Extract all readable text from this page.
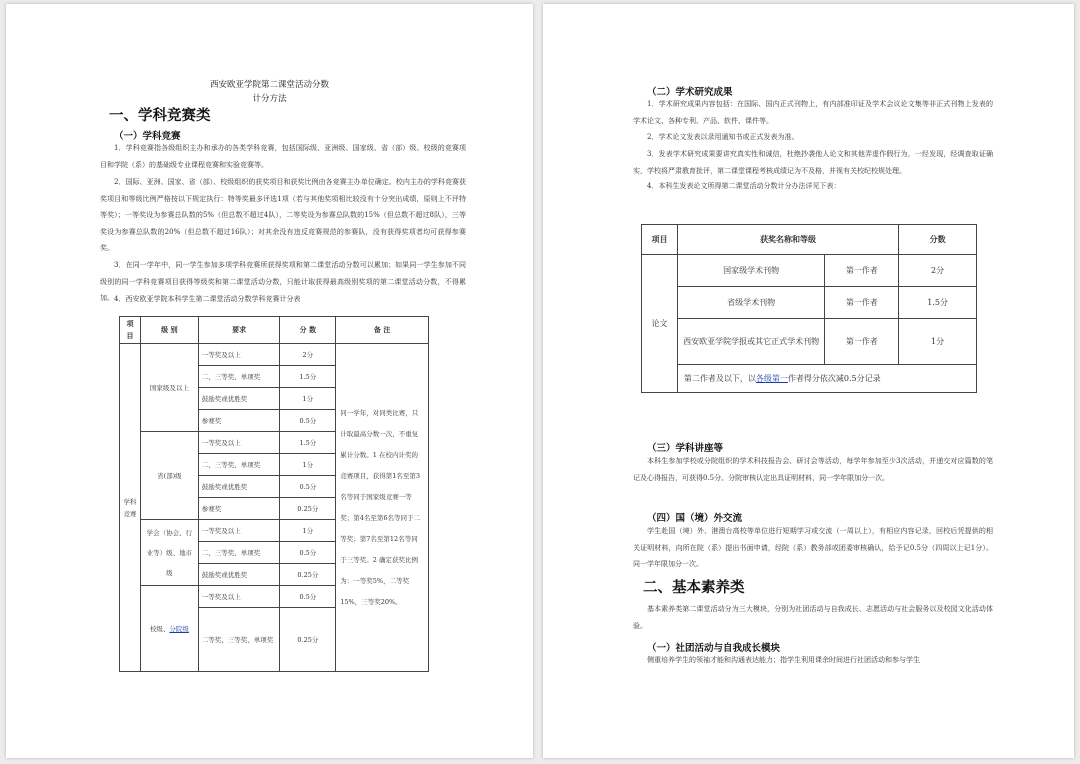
西安欧亚学院第二课堂活动分数
计分方法
一、学科竞赛类
（一）学科竞赛
1．学科竞赛指各级组织主办和承办的各类学科竞赛，包括国际级、亚洲级、国家级、省（部）级、校级的竞赛项目和学院（系）的基础级专业课程竞赛和实验竞赛等。
2．国际、亚洲、国家、省（部）、校级组织的获奖项目和获奖比例由各竞赛主办单位确定。校内主办的学科竞赛获奖项目和等级比例严格按以下规定执行：特等奖最多评选1项（若与其他奖项相比较没有十分突出成绩，原则上不评特等奖）；一等奖设为参赛总队数的5%（但总数不超过4队），二等奖设为参赛总队数的15%（但总数不超过8队），三等奖设为参赛总队数的20%（但总数不超过16队）；对其余没有违反竞赛规范的参赛队，没有获得奖项者均可获得参赛奖。
3．在同一学年中，同一学生参加多项学科竞赛所获得奖项和第二课堂活动分数可以累加；如果同一学生参加不同级别的同一学科竞赛项目获得等级奖和第二课堂活动分数，只能计取获得最高级别奖项的第二课堂活动分数，不得累加。 4．西安欧亚学院本科学生第二课堂活动分数学科竞赛计分表
项目	级 别	要求	分 数	备 注
学科竞赛	国家级及以上	一等奖及以上	2分	同一学年，对同类比赛，只计取最高分数一次，不重复累计分数。1 在校内计奖的竞赛项目，获得第1名至第3名等同于国家级竞赛一等奖；第4名至第6名等同于二等奖；第7名至第12名等同于三等奖。2 确定获奖比例为：一等奖5%，二等奖15%，三等奖20%。
		二、三等奖、单项奖	1.5分	
		鼓励奖或优胜奖	1分	
		参赛奖	0.5分	
	省(部)级	一等奖及以上	1.5分	
		二、三等奖、单项奖	1分	
		鼓励奖或优胜奖	0.5分	
		参赛奖	0.25分	
	学会（协会、行业等）级、地市级	一等奖及以上	1分	
		二、三等奖、单项奖	0.5分	
		鼓励奖或优胜奖	0.25分	
	校级、分院级	一等奖及以上	0.5分	
		二等奖、三等奖、单项奖	0.25分	
（二）学术研究成果
1．学术研究成果内容包括：在国际、国内正式刊物上，有内部准印证及学术会议论文集等非正式刊物上发表的学术论文、各种专利、产品、软件、课件等。
2．学术论文发表以录用通知书或正式发表为准。
3．发表学术研究成果要讲究真实性和诚信，杜绝抄袭他人论文和其他弄虚作假行为，一经发现，经调查取证确实，学校将严肃教育批评，第二课堂课程考核成绩记为不及格，并视有关校纪校规处理。
4．本科生发表论文所得第二课堂活动分数计分办法详见下表：
项目	获奖名称和等级		分数
论文	国家级学术刊物	第一作者	2分
	省级学术刊物	第一作者	1.5分
	西安欧亚学院学报或其它正式学术刊物	第一作者	1分
	第二作者及以下，以各级第一作者得分依次减0.5分记录		
（三）学科讲座等
本科生参加学校或分院组织的学术科技报告会、研讨会等活动，每学年参加至少3次活动，并递交对应篇数的笔记及心得报告，可获得0.5分。分院审核认定出具证明材料，同一学年限加分一次。
（四）国（境）外交流
学生赴国（境）外、港澳台高校等单位进行短期学习或交流（一周以上），有相应内容记录，回校后凭提供的相关证明材料，向所在院（系）提出书面申请，经院（系）教务部或团委审核确认，给予记0.5分（四周以上记1分）。同一学年限加分一次。
二、基本素养类
基本素养类第二课堂活动分为三大模块，分别为社团活动与自我成长、志愿活动与社会服务以及校园文化活动体验。
（一）社团活动与自我成长模块
侧重培养学生的领袖才能和沟通表达能力；指学生利用课余时间进行社团活动和参与学生
